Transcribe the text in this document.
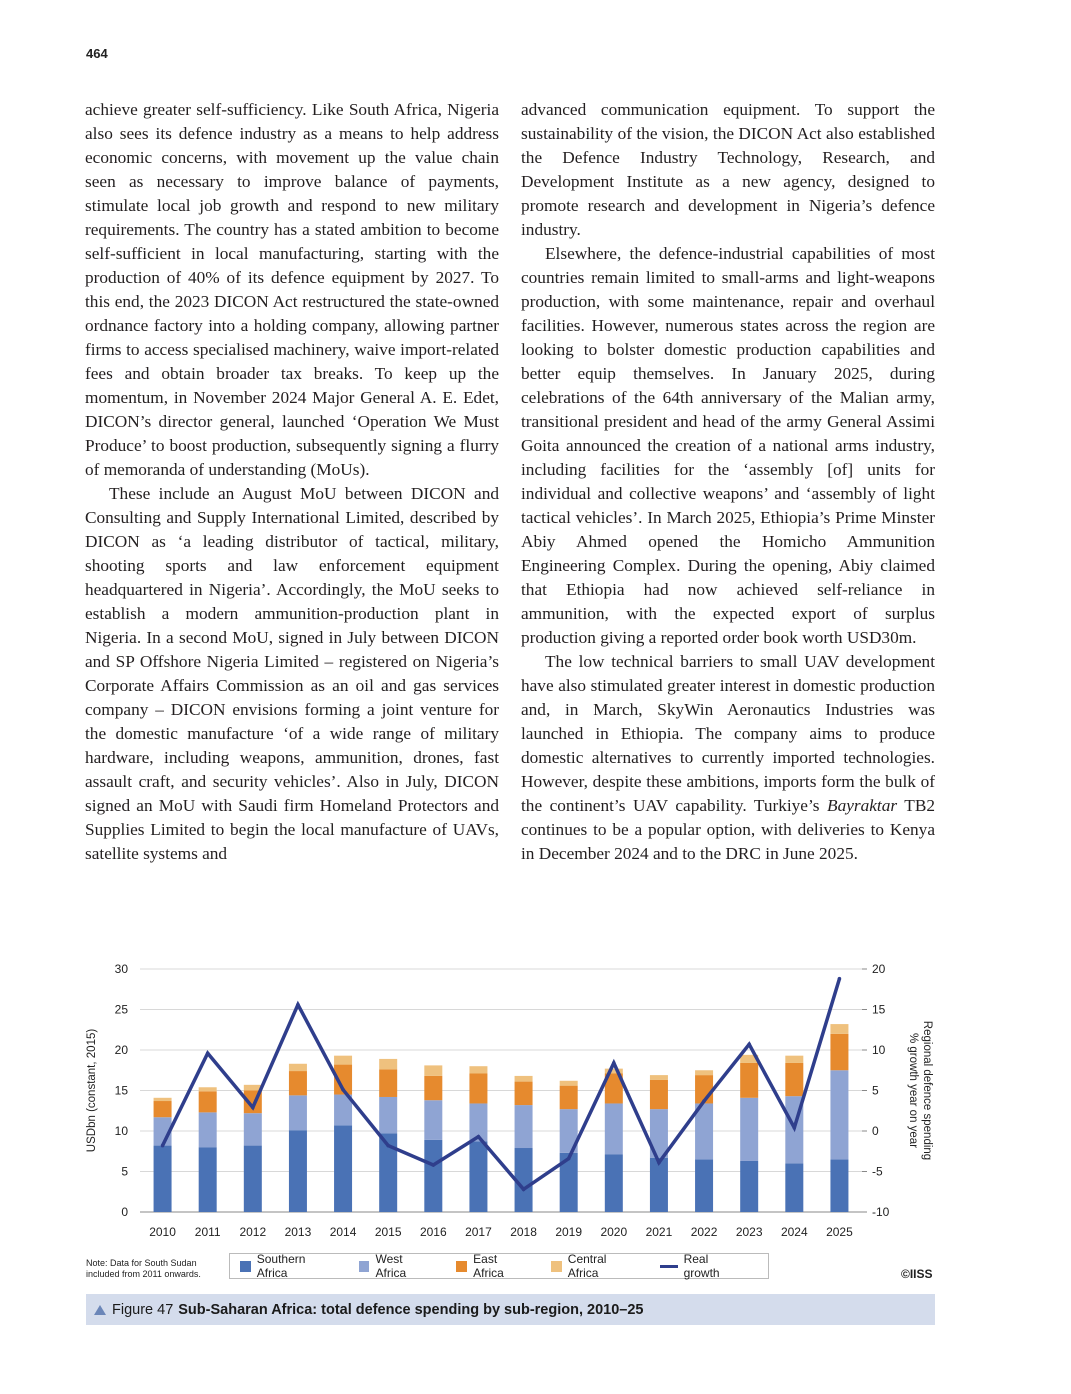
464

achieve greater self-sufficiency. Like South Africa, Nigeria also sees its defence industry as a means to help address economic concerns, with movement up the value chain seen as necessary to improve balance of payments, stimulate local job growth and respond to new military requirements. The country has a stated ambition to become self-sufficient in local manufacturing, starting with the production of 40% of its defence equipment by 2027. To this end, the 2023 DICON Act restructured the state-owned ordnance factory into a holding company, allowing partner firms to access specialised machinery, waive import-related fees and obtain broader tax breaks. To keep up the momentum, in November 2024 Major General A. E. Edet, DICON’s director general, launched ‘Operation We Must Produce’ to boost production, subsequently signing a flurry of memoranda of understanding (MoUs).

These include an August MoU between DICON and Consulting and Supply International Limited, described by DICON as ‘a leading distributor of tactical, military, shooting sports and law enforcement equipment headquartered in Nigeria’. Accordingly, the MoU seeks to establish a modern ammunition-production plant in Nigeria. In a second MoU, signed in July between DICON and SP Offshore Nigeria Limited – registered on Nigeria’s Corporate Affairs Commission as an oil and gas services company – DICON envisions forming a joint venture for the domestic manufacture ‘of a wide range of military hardware, including weapons, ammunition, drones, fast assault craft, and security vehicles’. Also in July, DICON signed an MoU with Saudi firm Homeland Protectors and Supplies Limited to begin the local manufacture of UAVs, satellite systems and

advanced communication equipment. To support the sustainability of the vision, the DICON Act also established the Defence Industry Technology, Research, and Development Institute as a new agency, designed to promote research and development in Nigeria’s defence industry.

Elsewhere, the defence-industrial capabilities of most countries remain limited to small-arms and light-weapons production, with some maintenance, repair and overhaul facilities. However, numerous states across the region are looking to bolster domestic production capabilities and better equip themselves. In January 2025, during celebrations of the 64th anniversary of the Malian army, transitional president and head of the army General Assimi Goita announced the creation of a national arms industry, including facilities for the ‘assembly [of] units for individual and collective weapons’ and ‘assembly of light tactical vehicles’. In March 2025, Ethiopia’s Prime Minster Abiy Ahmed opened the Homicho Ammunition Engineering Complex. During the opening, Abiy claimed that Ethiopia had now achieved self-reliance in ammunition, with the expected export of surplus production giving a reported order book worth USD30m.

The low technical barriers to small UAV development have also stimulated greater interest in domestic production and, in March, SkyWin Aeronautics Industries was launched in Ethiopia. The company aims to produce domestic alternatives to currently imported technologies. However, despite these ambitions, imports form the bulk of the continent’s UAV capability. Turkiye’s Bayraktar TB2 continues to be a popular option, with deliveries to Kenya in December 2024 and to the DRC in June 2025.

0
5
10
15
20
25
30
-10
-5
0
5
10
15
20
2010 2011 2012 2013 2014 2015 2016 2017 2018 2019 2020 2021 2022 2023 2024 2025
USDbn (constant, 2015)	Regional defence spending
% growth year on year
Note: Data for South Sudan included from 2011 onwards.
Southern Africa
West Africa
East Africa
Central Africa
Real growth	©IISS
Figure 47 Sub-Saharan Africa: total defence spending by sub-region, 2010–25
